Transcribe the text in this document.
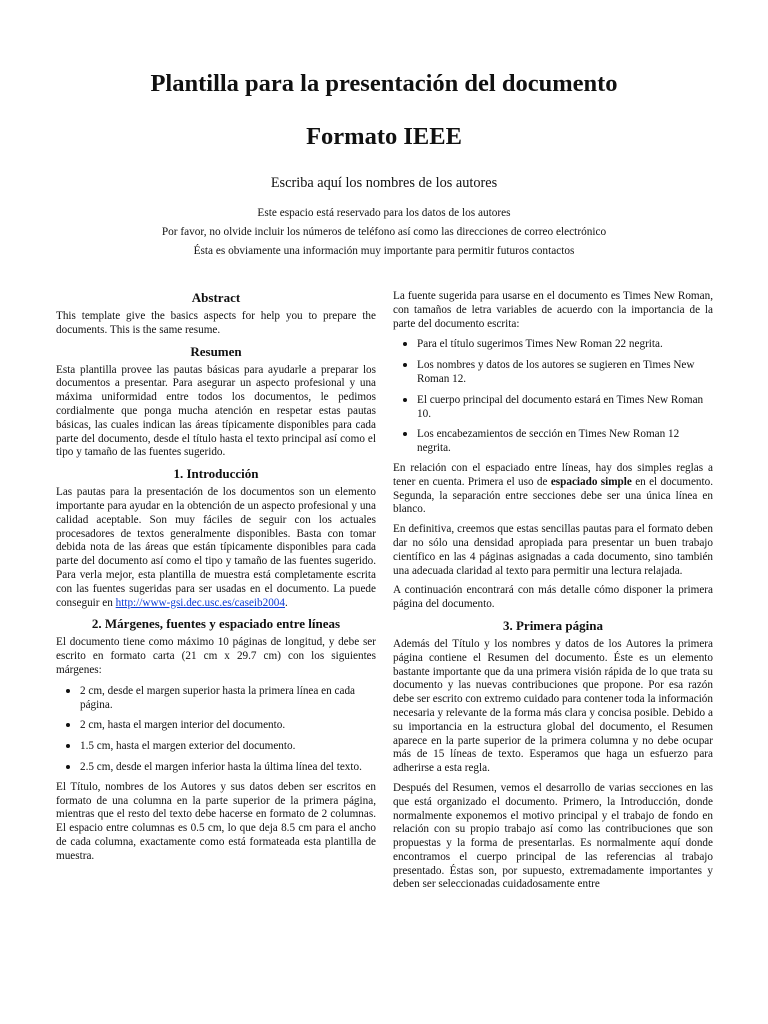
Plantilla para la presentación del documento
Formato IEEE
Escriba aquí los nombres de los autores
Este espacio está reservado para los datos de los autores
Por favor, no olvide incluir los números de teléfono así como las direcciones de correo electrónico
Ésta es obviamente una información muy importante para permitir futuros contactos
Abstract

This template give the basics aspects for help you to prepare the documents. This is the same resume.

Resumen

Esta plantilla provee las pautas básicas para ayudarle a preparar los documentos a presentar. Para asegurar un aspecto profesional y una máxima uniformidad entre todos los documentos, le pedimos cordialmente que ponga mucha atención en respetar estas pautas básicas, las cuales indican las áreas típicamente disponibles para cada parte del documento, desde el título hasta el texto principal así como el tipo y tamaño de las fuentes sugerido.

1. Introducción

Las pautas para la presentación de los documentos son un elemento importante para ayudar en la obtención de un aspecto profesional y una calidad aceptable. Son muy fáciles de seguir con los actuales procesadores de textos generalmente disponibles. Basta con tomar debida nota de las áreas que están típicamente disponibles para cada parte del documento así como el tipo y tamaño de las fuentes sugerido. Para verla mejor, esta plantilla de muestra está completamente escrita con las fuentes sugeridas para ser usadas en el documento. La puede conseguir en http://www-gsi.dec.usc.es/caseib2004.

2. Márgenes, fuentes y espaciado entre líneas

El documento tiene como máximo 10 páginas de longitud, y debe ser escrito en formato carta (21 cm x 29.7 cm) con los siguientes márgenes:

• 2 cm, desde el margen superior hasta la primera línea en cada página.
• 2 cm, hasta el margen interior del documento.
• 1.5 cm, hasta el margen exterior del documento.
• 2.5 cm, desde el margen inferior hasta la última línea del texto.

El Título, nombres de los Autores y sus datos deben ser escritos en formato de una columna en la parte superior de la primera página, mientras que el resto del texto debe hacerse en formato de 2 columnas. El espacio entre columnas es 0.5 cm, lo que deja 8.5 cm para el ancho de cada columna, exactamente como está formateada esta plantilla de muestra.

La fuente sugerida para usarse en el documento es Times New Roman, con tamaños de letra variables de acuerdo con la importancia de la parte del documento escrita:

• Para el título sugerimos Times New Roman 22 negrita.
• Los nombres y datos de los autores se sugieren en Times New Roman 12.
• El cuerpo principal del documento estará en Times New Roman 10.
• Los encabezamientos de sección en Times New Roman 12 negrita.

En relación con el espaciado entre líneas, hay dos simples reglas a tener en cuenta. Primera el uso de espaciado simple en el documento. Segunda, la separación entre secciones debe ser una única línea en blanco.

En definitiva, creemos que estas sencillas pautas para el formato deben dar no sólo una densidad apropiada para presentar un buen trabajo científico en las 4 páginas asignadas a cada documento, sino también una adecuada claridad al texto para permitir una lectura relajada.

A continuación encontrará con más detalle cómo disponer la primera página del documento.

3. Primera página

Además del Título y los nombres y datos de los Autores la primera página contiene el Resumen del documento. Éste es un elemento bastante importante que da una primera visión rápida de lo que trata su documento y las nuevas contribuciones que propone. Por esa razón debe ser escrito con extremo cuidado para contener toda la información necesaria y relevante de la forma más clara y concisa posible. Debido a su importancia en la estructura global del documento, el Resumen aparece en la parte superior de la primera columna y no debe ocupar más de 15 líneas de texto. Esperamos que haga un esfuerzo para adherirse a esta regla.

Después del Resumen, vemos el desarrollo de varias secciones en las que está organizado el documento. Primero, la Introducción, donde normalmente exponemos el motivo principal y el trabajo de fondo en relación con su propio trabajo así como las contribuciones que son propuestas y la forma de presentarlas. Es normalmente aquí donde encontramos el cuerpo principal de las referencias al trabajo presentado. Éstas son, por supuesto, extremadamente importantes y deben ser seleccionadas cuidadosamente entre
